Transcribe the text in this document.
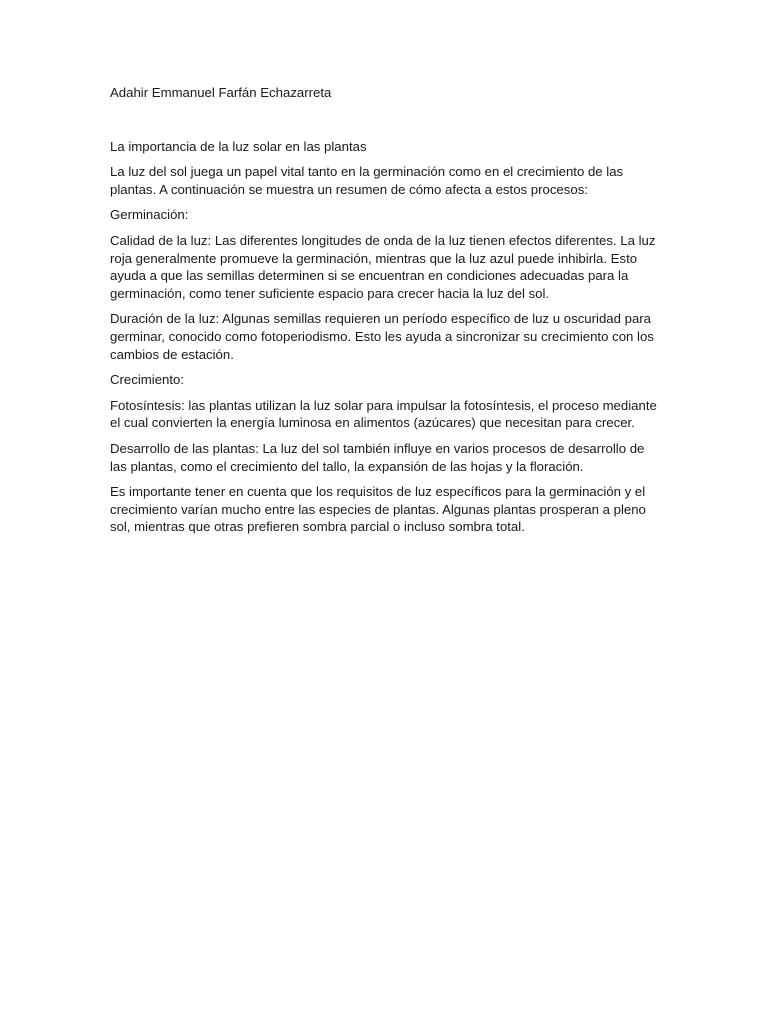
Adahir Emmanuel Farfán Echazarreta

La importancia de la luz solar en las plantas

La luz del sol juega un papel vital tanto en la germinación como en el crecimiento de las plantas. A continuación se muestra un resumen de cómo afecta a estos procesos:

Germinación:

Calidad de la luz: Las diferentes longitudes de onda de la luz tienen efectos diferentes. La luz roja generalmente promueve la germinación, mientras que la luz azul puede inhibirla. Esto ayuda a que las semillas determinen si se encuentran en condiciones adecuadas para la germinación, como tener suficiente espacio para crecer hacia la luz del sol.

Duración de la luz: Algunas semillas requieren un período específico de luz u oscuridad para germinar, conocido como fotoperiodismo. Esto les ayuda a sincronizar su crecimiento con los cambios de estación.

Crecimiento:

Fotosíntesis: las plantas utilizan la luz solar para impulsar la fotosíntesis, el proceso mediante el cual convierten la energía luminosa en alimentos (azúcares) que necesitan para crecer.

Desarrollo de las plantas: La luz del sol también influye en varios procesos de desarrollo de las plantas, como el crecimiento del tallo, la expansión de las hojas y la floración.

Es importante tener en cuenta que los requisitos de luz específicos para la germinación y el crecimiento varían mucho entre las especies de plantas. Algunas plantas prosperan a pleno sol, mientras que otras prefieren sombra parcial o incluso sombra total.
